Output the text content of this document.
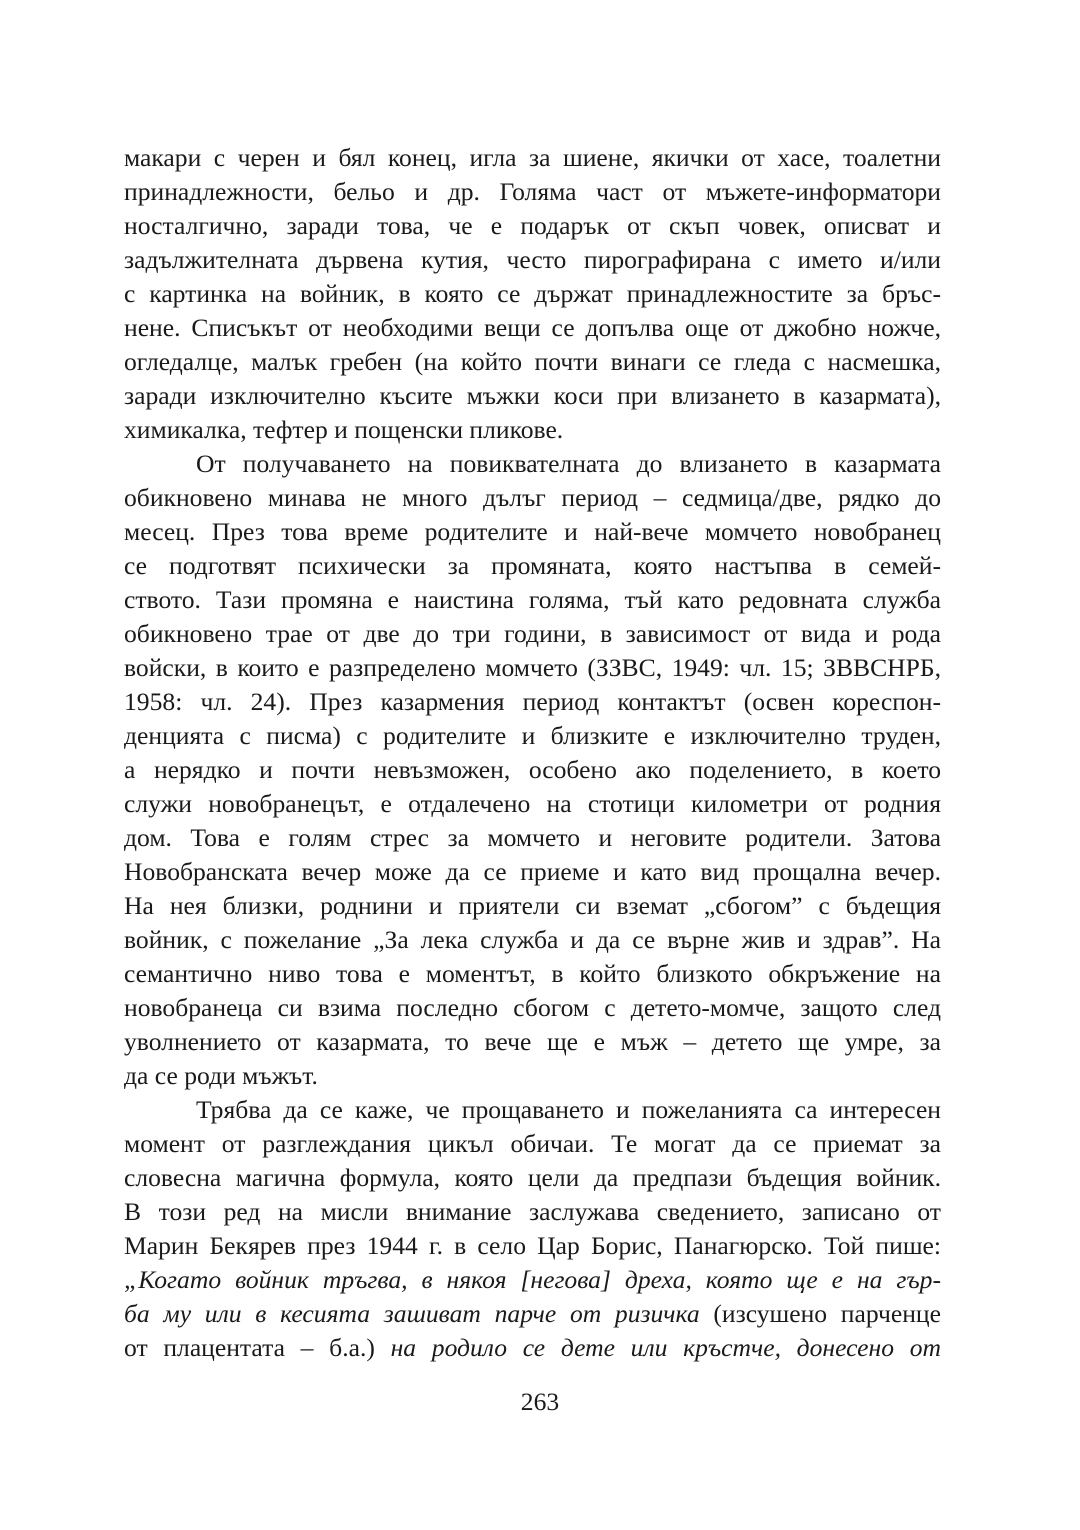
макари с черен и бял конец, игла за шиене, якички от хасе, тоалетни
принадлежности, бельо и др. Голяма част от мъжете-информатори
носталгично, заради това, че е подарък от скъп човек, описват и
задължителната дървена кутия, често пирографирана с името и/или
с картинка на войник, в която се държат принадлежностите за бръс-
нене. Списъкът от необходими вещи се допълва още от джобно ножче,
огледалце, малък гребен (на който почти винаги се гледа с насмешка,
заради изключително късите мъжки коси при влизането в казармата),
химикалка, тефтер и пощенски пликове.
От получаването на повиквателната до влизането в казармата
обикновено минава не много дълъг период – седмица/две, рядко до
месец. През това време родителите и най-вече момчето новобранец
се подготвят психически за промяната, която настъпва в семей-
ството. Тази промяна е наистина голяма, тъй като редовната служба
обикновено трае от две до три години, в зависимост от вида и рода
войски, в които е разпределено момчето (ЗЗВС, 1949: чл. 15; ЗВВСНРБ,
1958: чл. 24). През казармения период контактът (освен кореспон-
денцията с писма) с родителите и близките е изключително труден,
а нерядко и почти невъзможен, особено ако поделението, в което
служи новобранецът, е отдалечено на стотици километри от родния
дом. Това е голям стрес за момчето и неговите родители. Затова
Новобранската вечер може да се приеме и като вид прощална вечер.
На нея близки, роднини и приятели си вземат „сбогом” с бъдещия
войник, с пожелание „За лека служба и да се върне жив и здрав”. На
семантично ниво това е моментът, в който близкото обкръжение на
новобранеца си взима последно сбогом с детето-момче, защото след
уволнението от казармата, то вече ще е мъж – детето ще умре, за
да се роди мъжът.
Трябва да се каже, че прощаването и пожеланията са интересен
момент от разглеждания цикъл обичаи. Те могат да се приемат за
словесна магична формула, която цели да предпази бъдещия войник.
В този ред на мисли внимание заслужава сведението, записано от
Марин Бекярев през 1944 г. в село Цар Борис, Панагюрско. Той пише:
„Когато войник тръгва, в някоя [негова] дреха, която ще е на гър-
ба му или в кесията зашиват парче от ризичка (изсушено парченце
от плацентата – б.а.) на родило се дете или кръстче, донесено от
263
